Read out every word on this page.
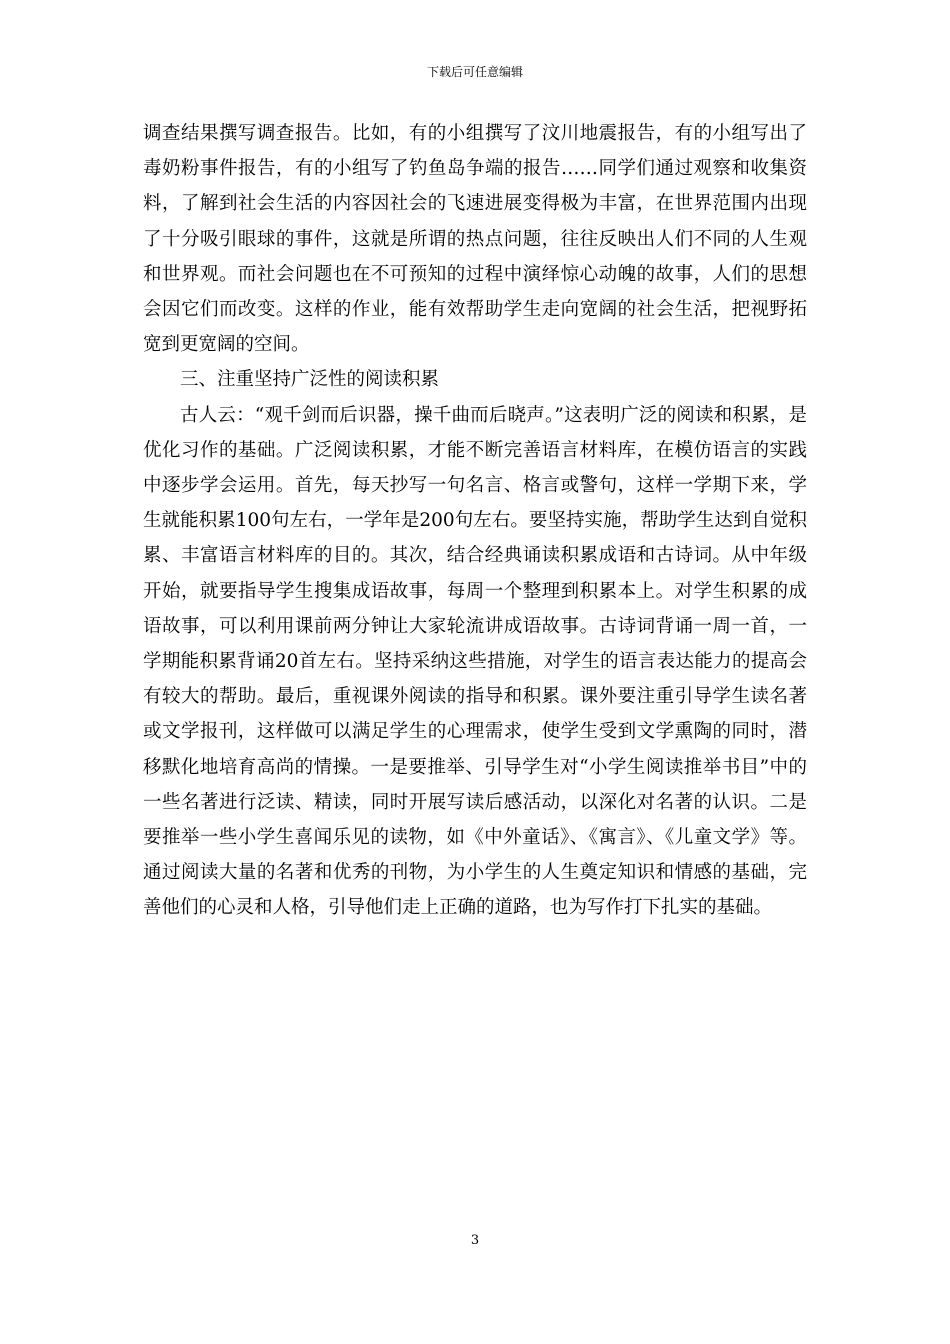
下载后可任意编辑

调查结果撰写调查报告。比如，有的小组撰写了汶川地震报告，有的小组写出了毒奶粉事件报告，有的小组写了钓鱼岛争端的报告……同学们通过观察和收集资料，了解到社会生活的内容因社会的飞速进展变得极为丰富，在世界范围内出现了十分吸引眼球的事件，这就是所谓的热点问题，往往反映出人们不同的人生观和世界观。而社会问题也在不可预知的过程中演绎惊心动魄的故事，人们的思想会因它们而改变。这样的作业，能有效帮助学生走向宽阔的社会生活，把视野拓宽到更宽阔的空间。

三、注重坚持广泛性的阅读积累

古人云：“观千剑而后识器，操千曲而后晓声。”这表明广泛的阅读和积累，是优化习作的基础。广泛阅读积累，才能不断完善语言材料库，在模仿语言的实践中逐步学会运用。首先，每天抄写一句名言、格言或警句，这样一学期下来，学生就能积累100句左右，一学年是200句左右。要坚持实施，帮助学生达到自觉积累、丰富语言材料库的目的。其次，结合经典诵读积累成语和古诗词。从中年级开始，就要指导学生搜集成语故事，每周一个整理到积累本上。对学生积累的成语故事，可以利用课前两分钟让大家轮流讲成语故事。古诗词背诵一周一首，一学期能积累背诵20首左右。坚持采纳这些措施，对学生的语言表达能力的提高会有较大的帮助。最后，重视课外阅读的指导和积累。课外要注重引导学生读名著或文学报刊，这样做可以满足学生的心理需求，使学生受到文学熏陶的同时，潜移默化地培育高尚的情操。一是要推举、引导学生对“小学生阅读推举书目”中的一些名著进行泛读、精读，同时开展写读后感活动，以深化对名著的认识。二是要推举一些小学生喜闻乐见的读物，如《中外童话》、《寓言》、《儿童文学》等。通过阅读大量的名著和优秀的刊物，为小学生的人生奠定知识和情感的基础，完善他们的心灵和人格，引导他们走上正确的道路，也为写作打下扎实的基础。

3
